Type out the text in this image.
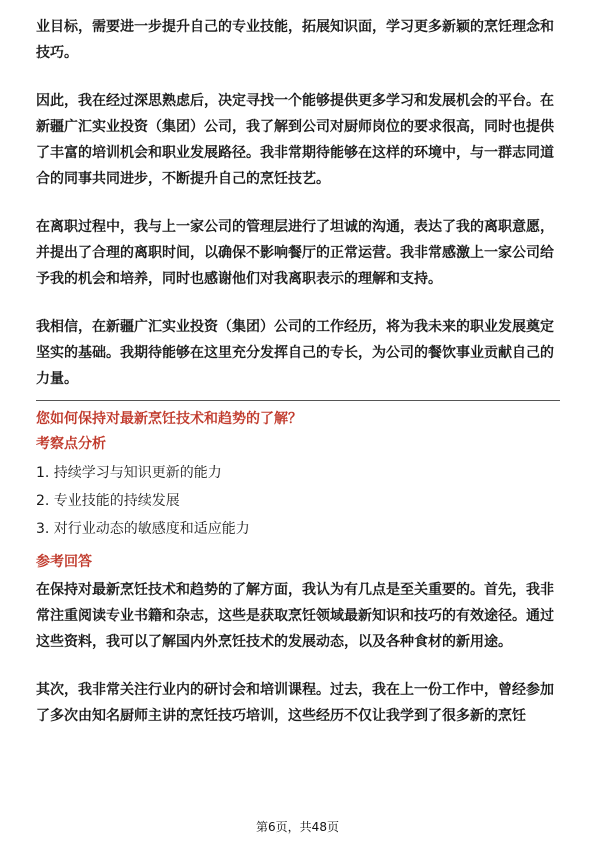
业目标，需要进一步提升自己的专业技能，拓展知识面，学习更多新颖的烹饪理念和技巧。

因此，我在经过深思熟虑后，决定寻找一个能够提供更多学习和发展机会的平台。在新疆广汇实业投资（集团）公司，我了解到公司对厨师岗位的要求很高，同时也提供了丰富的培训机会和职业发展路径。我非常期待能够在这样的环境中，与一群志同道合的同事共同进步，不断提升自己的烹饪技艺。

在离职过程中，我与上一家公司的管理层进行了坦诚的沟通，表达了我的离职意愿，并提出了合理的离职时间，以确保不影响餐厅的正常运营。我非常感激上一家公司给予我的机会和培养，同时也感谢他们对我离职表示的理解和支持。

我相信，在新疆广汇实业投资（集团）公司的工作经历，将为我未来的职业发展奠定坚实的基础。我期待能够在这里充分发挥自己的专长，为公司的餐饮事业贡献自己的力量。

您如何保持对最新烹饪技术和趋势的了解？

考察点分析

1. 持续学习与知识更新的能力

2. 专业技能的持续发展

3. 对行业动态的敏感度和适应能力

参考回答

在保持对最新烹饪技术和趋势的了解方面，我认为有几点是至关重要的。首先，我非常注重阅读专业书籍和杂志，这些是获取烹饪领域最新知识和技巧的有效途径。通过这些资料，我可以了解国内外烹饪技术的发展动态，以及各种食材的新用途。

其次，我非常关注行业内的研讨会和培训课程。过去，我在上一份工作中，曾经参加了多次由知名厨师主讲的烹饪技巧培训，这些经历不仅让我学到了很多新的烹饪

第6页，共48页
